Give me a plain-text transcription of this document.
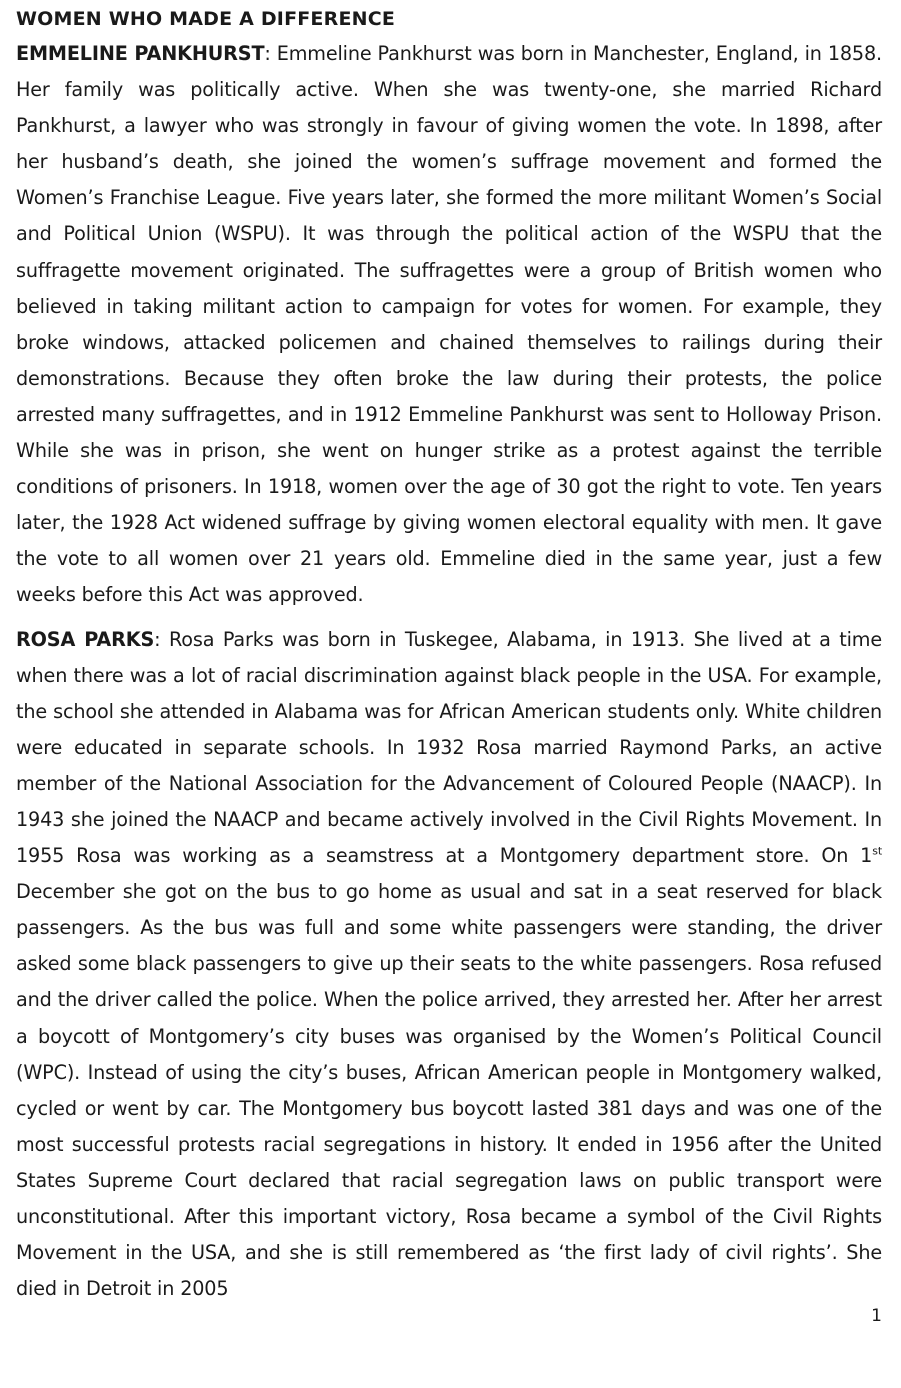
WOMEN WHO MADE A DIFFERENCE

EMMELINE PANKHURST: Emmeline Pankhurst was born in Manchester, England, in 1858. Her family was politically active. When she was twenty-one, she married Richard Pankhurst, a lawyer who was strongly in favour of giving women the vote. In 1898, after her husband’s death, she joined the women’s suffrage movement and formed the Women’s Franchise League. Five years later, she formed the more militant Women’s Social and Political Union (WSPU). It was through the political action of the WSPU that the suffragette movement originated. The suffragettes were a group of British women who believed in taking militant action to campaign for votes for women. For example, they broke windows, attacked policemen and chained themselves to railings during their demonstrations. Because they often broke the law during their protests, the police arrested many suffragettes, and in 1912 Emmeline Pankhurst was sent to Holloway Prison. While she was in prison, she went on hunger strike as a protest against the terrible conditions of prisoners. In 1918, women over the age of 30 got the right to vote. Ten years later, the 1928 Act widened suffrage by giving women electoral equality with men. It gave the vote to all women over 21 years old. Emmeline died in the same year, just a few weeks before this Act was approved.

ROSA PARKS: Rosa Parks was born in Tuskegee, Alabama, in 1913. She lived at a time when there was a lot of racial discrimination against black people in the USA. For example, the school she attended in Alabama was for African American students only. White children were educated in separate schools. In 1932 Rosa married Raymond Parks, an active member of the National Association for the Advancement of Coloured People (NAACP). In 1943 she joined the NAACP and became actively involved in the Civil Rights Movement. In 1955 Rosa was working as a seamstress at a Montgomery department store. On 1st December she got on the bus to go home as usual and sat in a seat reserved for black passengers. As the bus was full and some white passengers were standing, the driver asked some black passengers to give up their seats to the white passengers. Rosa refused and the driver called the police. When the police arrived, they arrested her. After her arrest a boycott of Montgomery’s city buses was organised by the Women’s Political Council (WPC). Instead of using the city’s buses, African American people in Montgomery walked, cycled or went by car. The Montgomery bus boycott lasted 381 days and was one of the most successful protests racial segregations in history. It ended in 1956 after the United States Supreme Court declared that racial segregation laws on public transport were unconstitutional. After this important victory, Rosa became a symbol of the Civil Rights Movement in the USA, and she is still remembered as ‘the first lady of civil rights’. She died in Detroit in 2005

1
